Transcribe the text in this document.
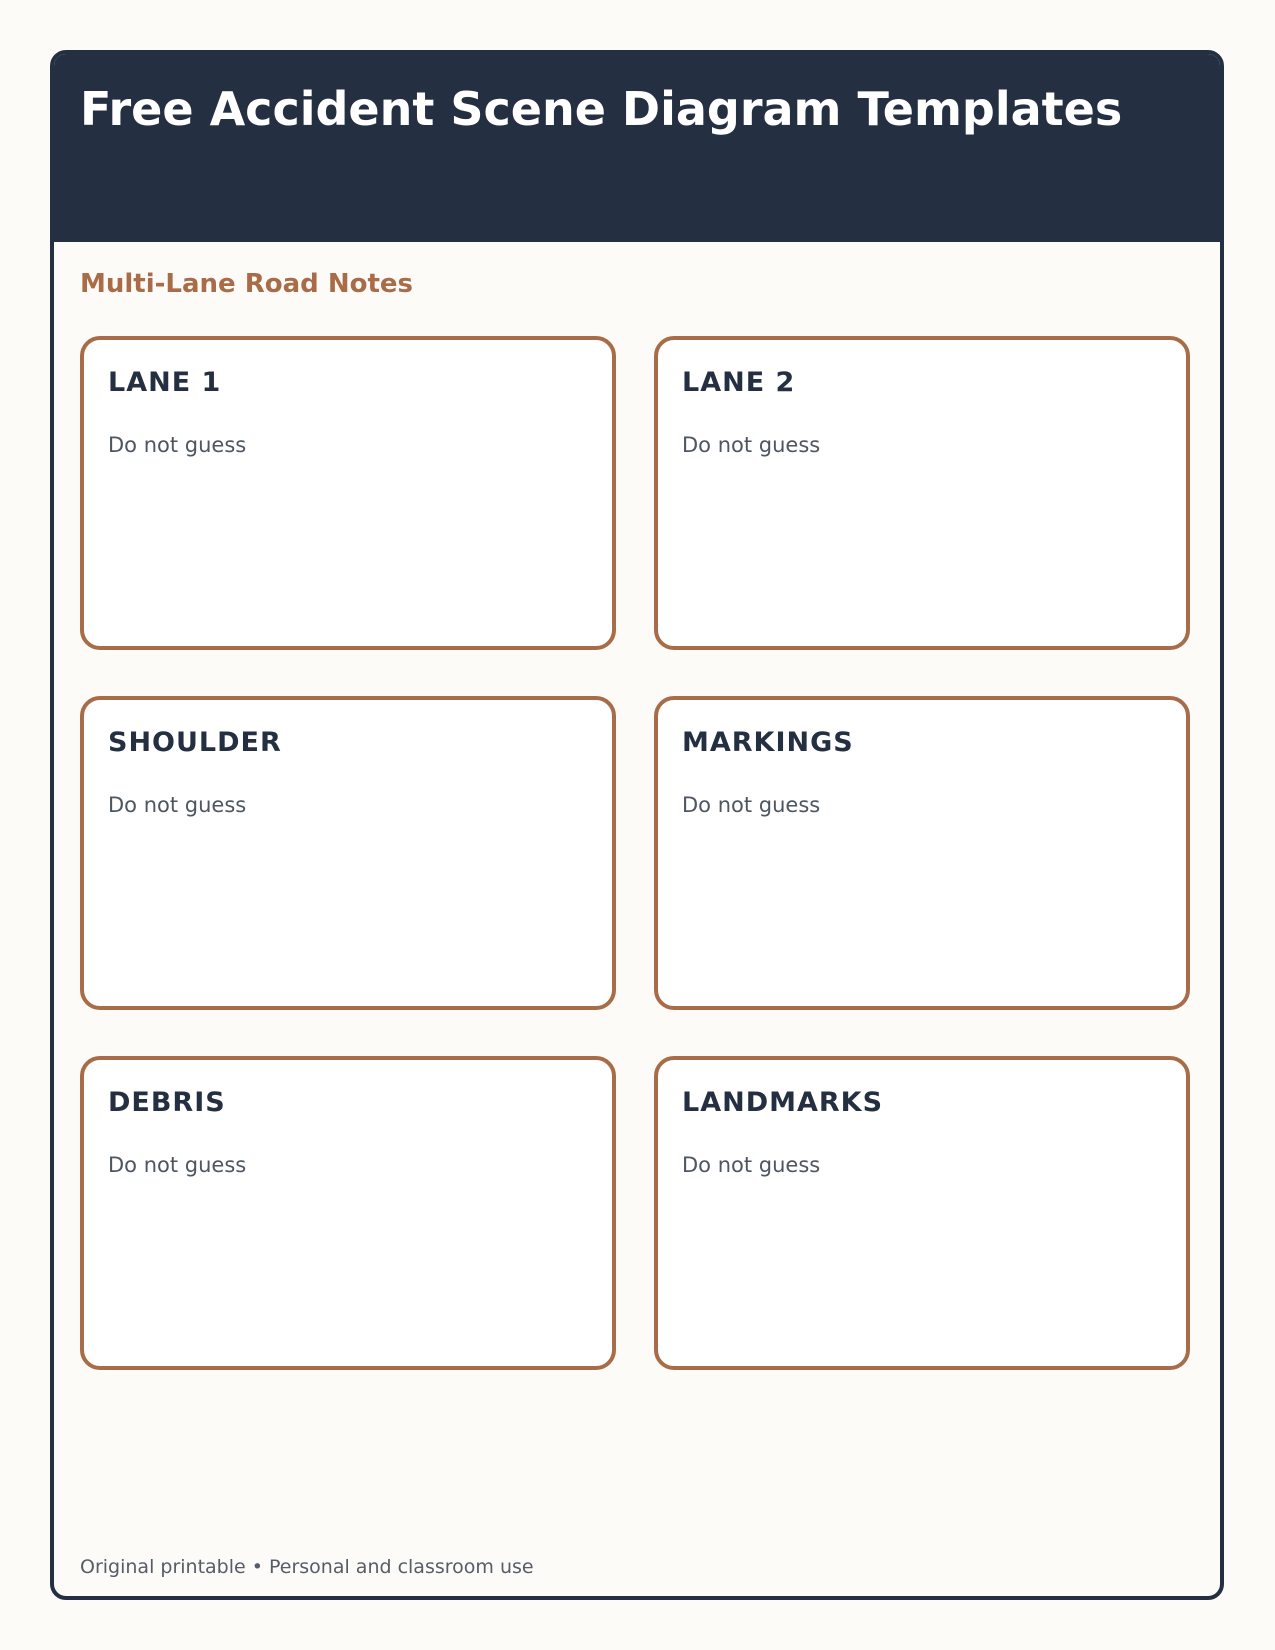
Free Accident Scene Diagram Templates
Multi-Lane Road Notes
LANE 1

Do not guess

LANE 2

Do not guess

SHOULDER

Do not guess

MARKINGS

Do not guess

DEBRIS

Do not guess

LANDMARKS

Do not guess

Original printable • Personal and classroom use
